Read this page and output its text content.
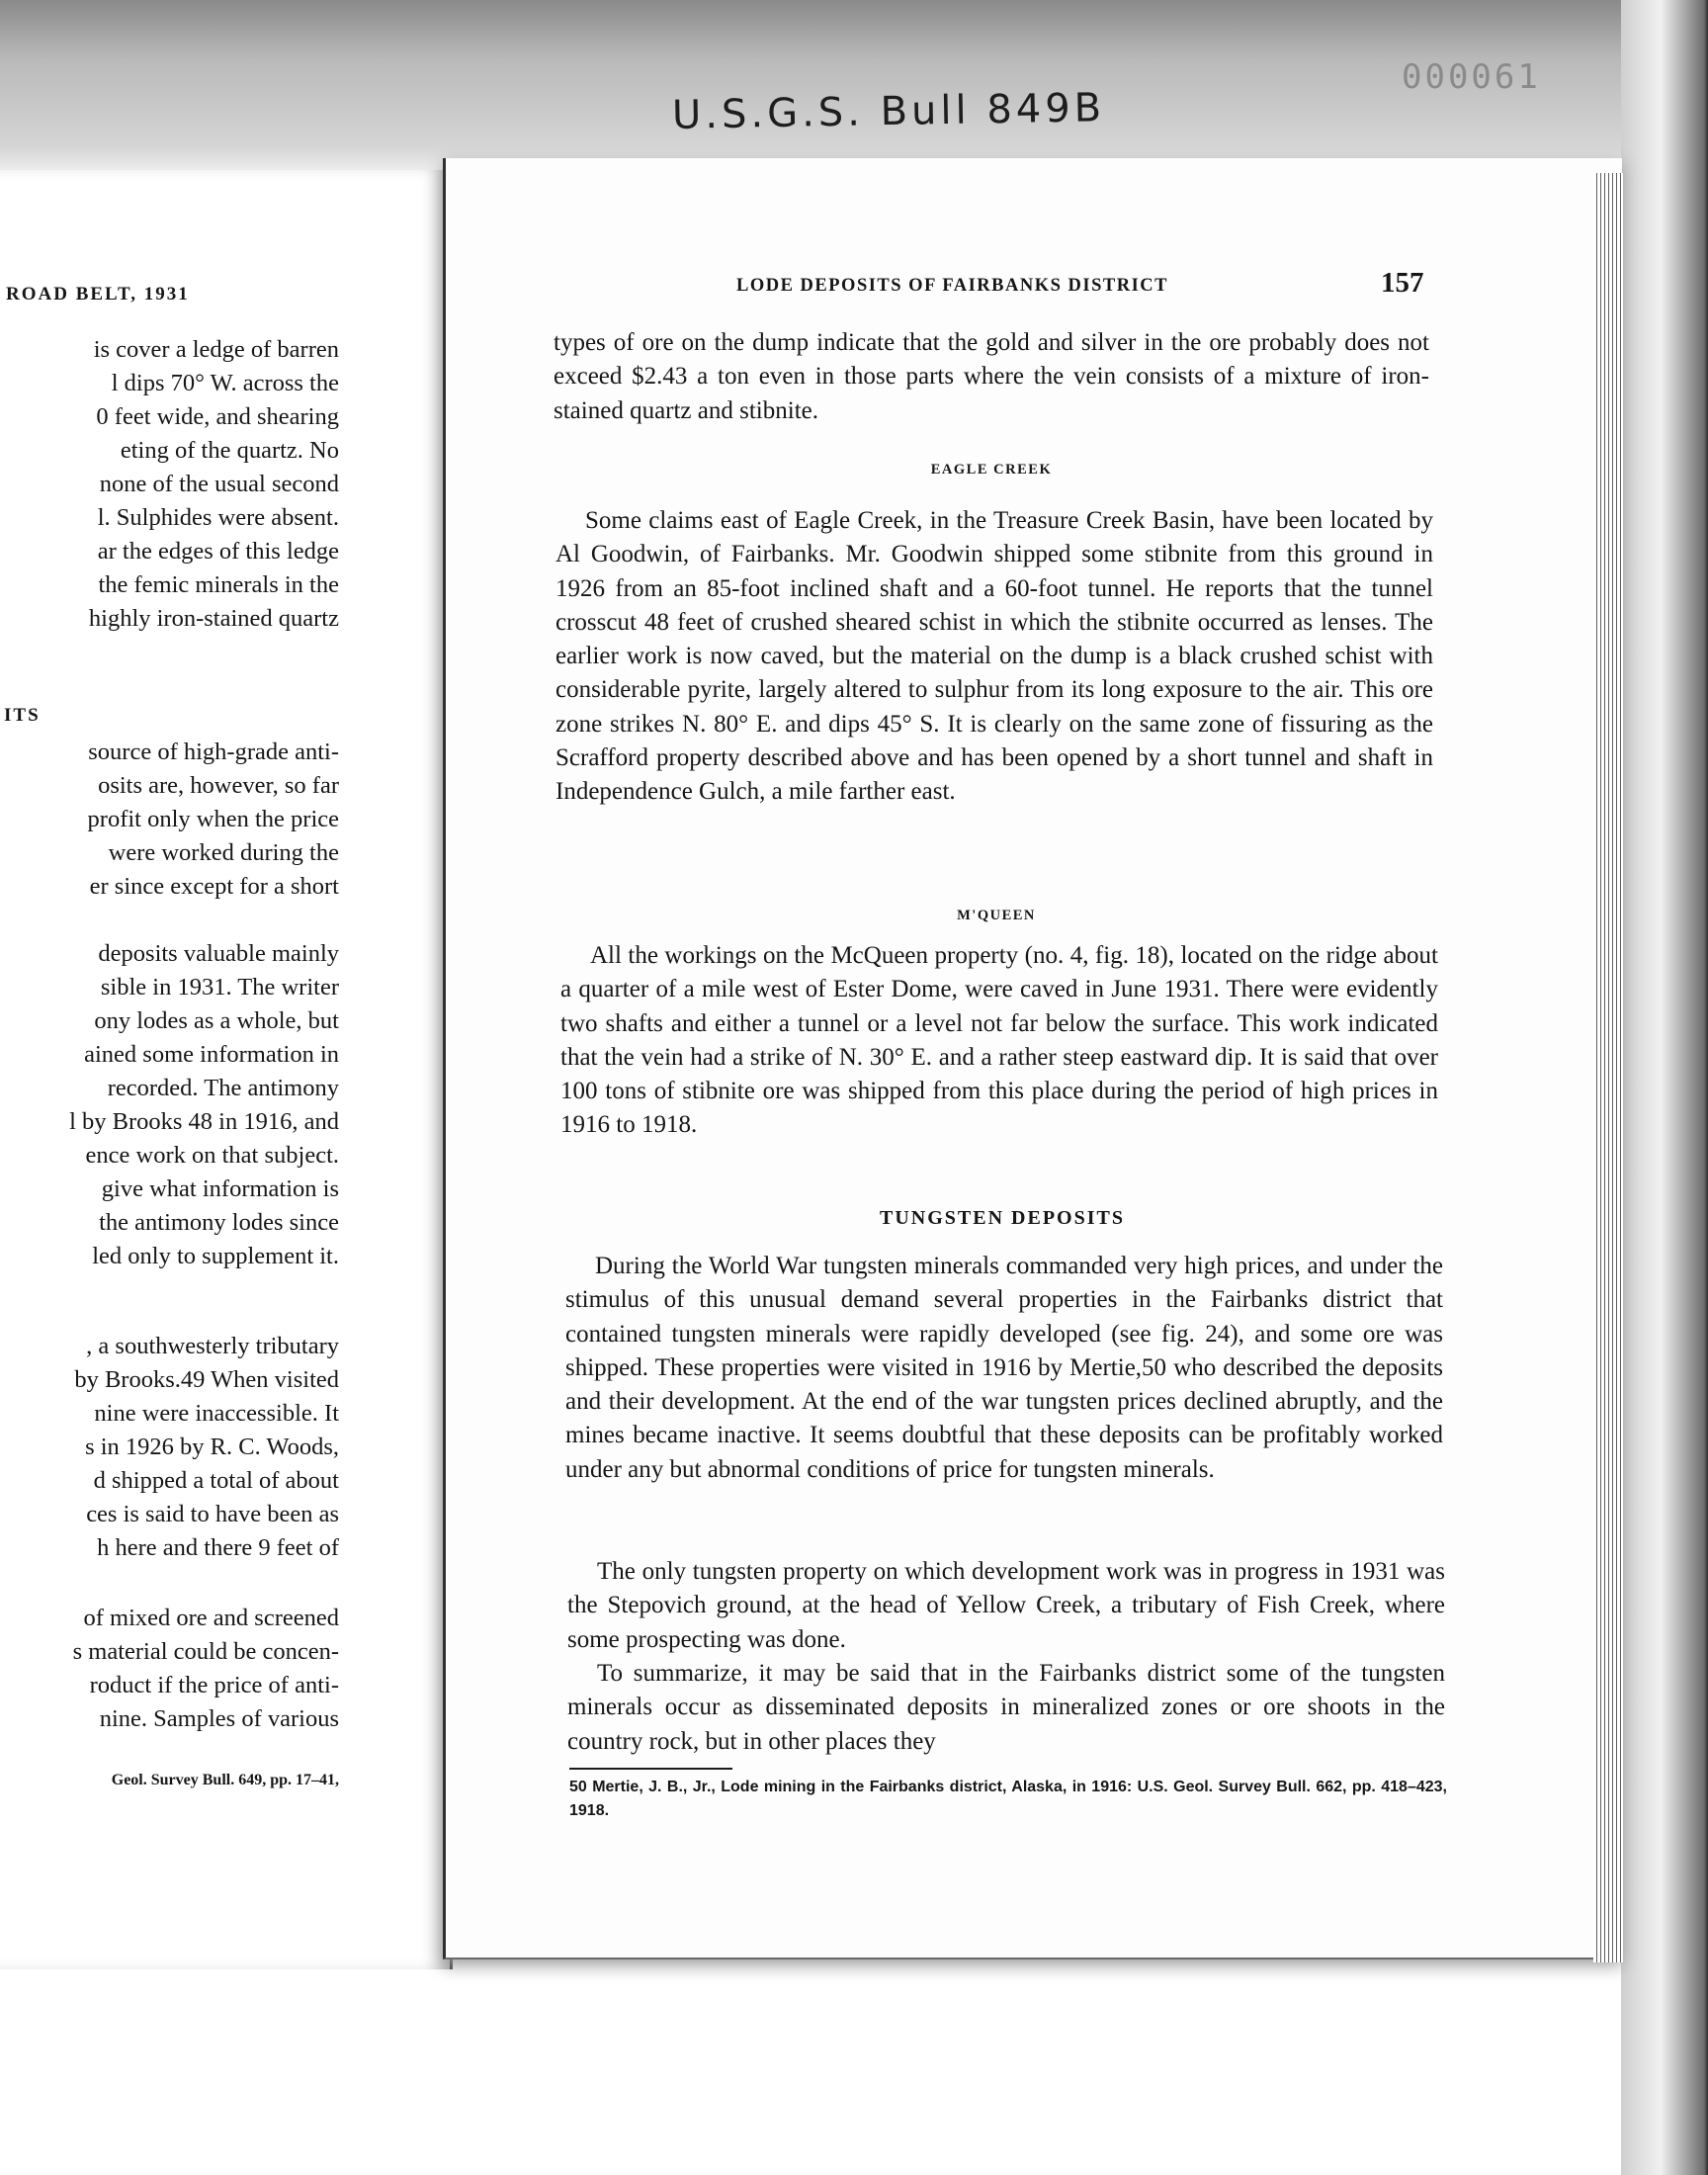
U.S.G.S. Bull 849B
000061
ROAD BELT, 1931
is cover a ledge of barren
l dips 70° W. across the
0 feet wide, and shearing
eting of the quartz. No
none of the usual second
l. Sulphides were absent.
ar the edges of this ledge
the femic minerals in the
highly iron-stained quartz
ITS
source of high-grade anti-
osits are, however, so far
profit only when the price
were worked during the
er since except for a short
deposits valuable mainly
sible in 1931. The writer
ony lodes as a whole, but
ained some information in
recorded. The antimony
l by Brooks 48 in 1916, and
ence work on that subject.
give what information is
the antimony lodes since
led only to supplement it.
, a southwesterly tributary
by Brooks.49 When visited
nine were inaccessible. It
s in 1926 by R. C. Woods,
d shipped a total of about
ces is said to have been as
h here and there 9 feet of
of mixed ore and screened
s material could be concen-
roduct if the price of anti-
nine. Samples of various
Geol. Survey Bull. 649, pp. 17–41,
LODE DEPOSITS OF FAIRBANKS DISTRICT	157
types of ore on the dump indicate that the gold and silver in the ore probably does not exceed $2.43 a ton even in those parts where the vein consists of a mixture of iron-stained quartz and stibnite.
EAGLE CREEK
Some claims east of Eagle Creek, in the Treasure Creek Basin, have been located by Al Goodwin, of Fairbanks. Mr. Goodwin shipped some stibnite from this ground in 1926 from an 85-foot inclined shaft and a 60-foot tunnel. He reports that the tunnel crosscut 48 feet of crushed sheared schist in which the stibnite occurred as lenses. The earlier work is now caved, but the material on the dump is a black crushed schist with considerable pyrite, largely altered to sulphur from its long exposure to the air. This ore zone strikes N. 80° E. and dips 45° S. It is clearly on the same zone of fissuring as the Scrafford property described above and has been opened by a short tunnel and shaft in Independence Gulch, a mile farther east.
M'QUEEN
All the workings on the McQueen property (no. 4, fig. 18), located on the ridge about a quarter of a mile west of Ester Dome, were caved in June 1931. There were evidently two shafts and either a tunnel or a level not far below the surface. This work indicated that the vein had a strike of N. 30° E. and a rather steep eastward dip. It is said that over 100 tons of stibnite ore was shipped from this place during the period of high prices in 1916 to 1918.
TUNGSTEN DEPOSITS
During the World War tungsten minerals commanded very high prices, and under the stimulus of this unusual demand several properties in the Fairbanks district that contained tungsten minerals were rapidly developed (see fig. 24), and some ore was shipped. These properties were visited in 1916 by Mertie,50 who described the deposits and their development. At the end of the war tungsten prices declined abruptly, and the mines became inactive. It seems doubtful that these deposits can be profitably worked under any but abnormal conditions of price for tungsten minerals.
The only tungsten property on which development work was in progress in 1931 was the Stepovich ground, at the head of Yellow Creek, a tributary of Fish Creek, where some prospecting was done.
To summarize, it may be said that in the Fairbanks district some of the tungsten minerals occur as disseminated deposits in mineralized zones or ore shoots in the country rock, but in other places they
50 Mertie, J. B., Jr., Lode mining in the Fairbanks district, Alaska, in 1916: U.S. Geol. Survey Bull. 662, pp. 418–423, 1918.
